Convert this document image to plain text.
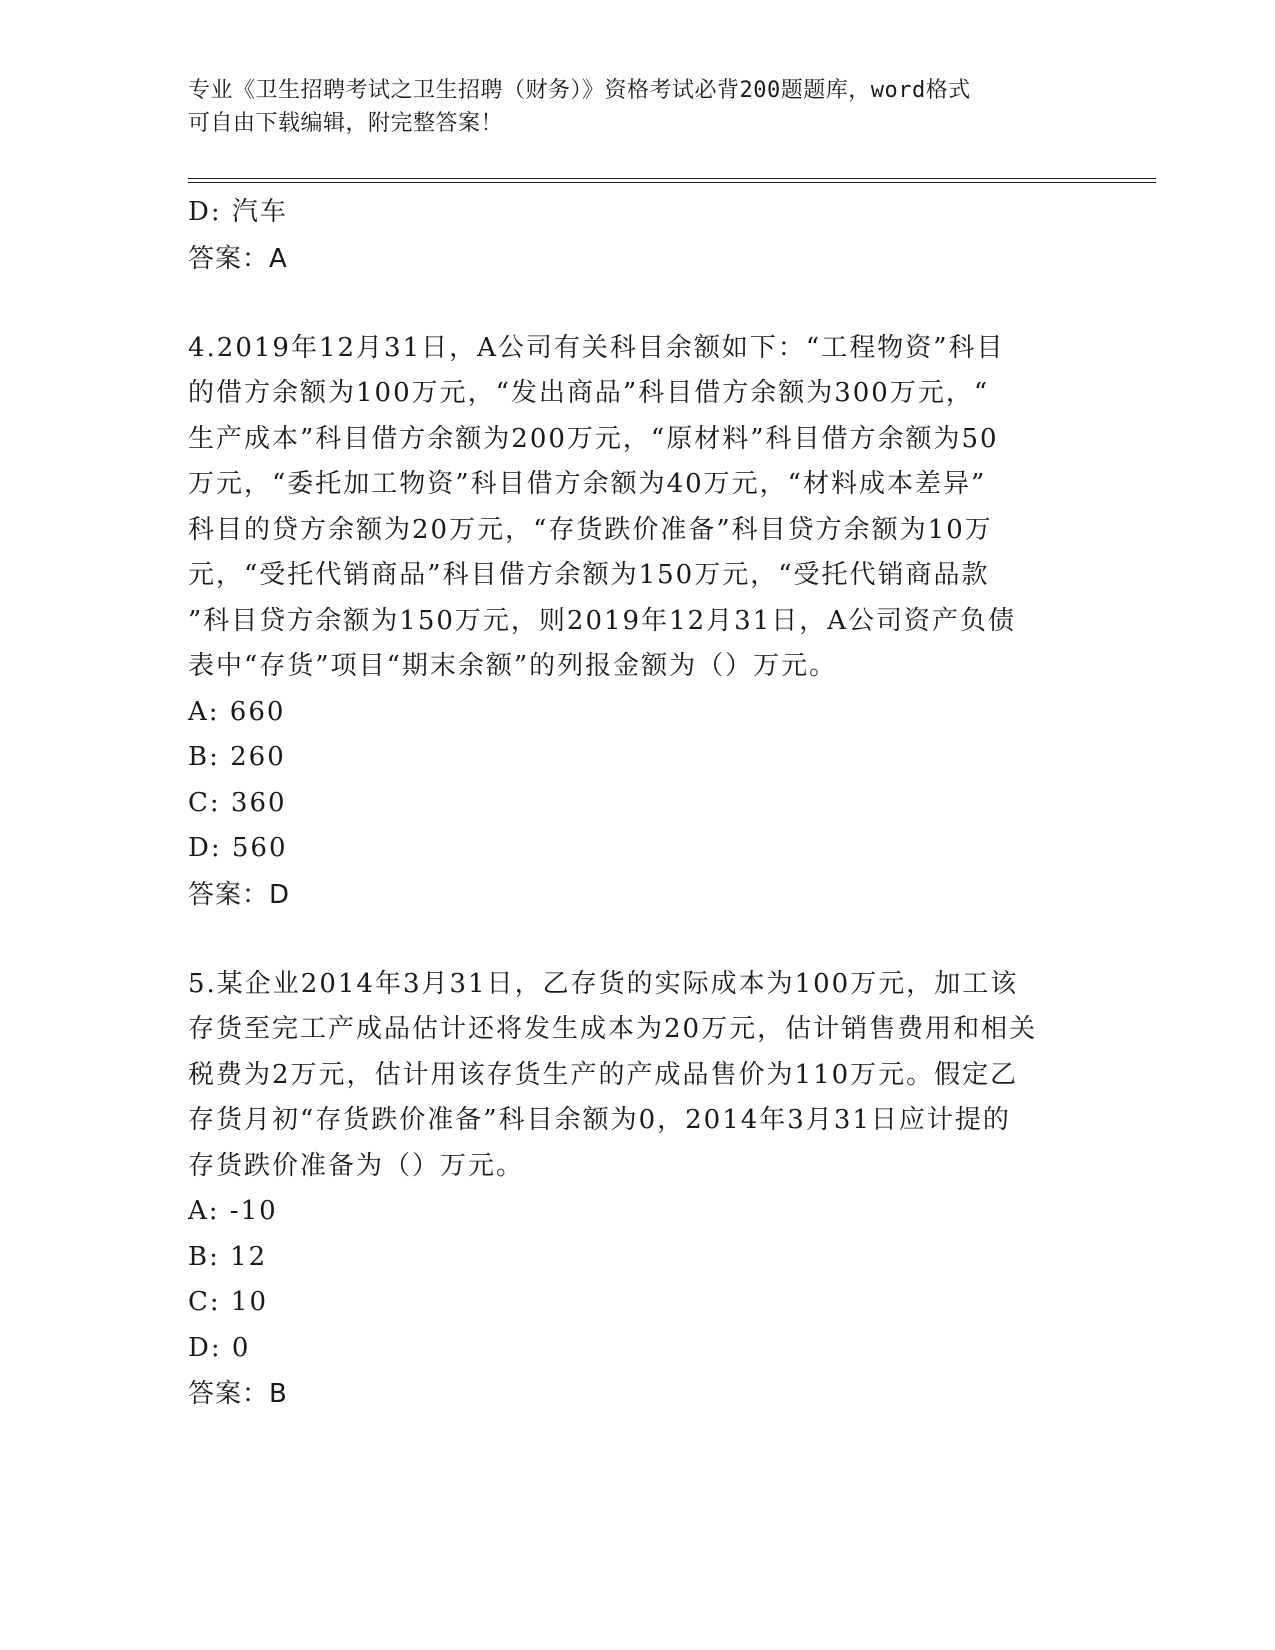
专业《卫生招聘考试之卫生招聘（财务）》资格考试必背200题题库，word格式
可自由下载编辑，附完整答案！
D: 汽车
答案：A
4.2019年12月31日，A公司有关科目余额如下：“工程物资”科目
的借方余额为100万元，“发出商品”科目借方余额为300万元，“
生产成本”科目借方余额为200万元，“原材料”科目借方余额为50
万元，“委托加工物资”科目借方余额为40万元，“材料成本差异”
科目的贷方余额为20万元，“存货跌价准备”科目贷方余额为10万
元，“受托代销商品”科目借方余额为150万元，“受托代销商品款
”科目贷方余额为150万元，则2019年12月31日，A公司资产负债
表中“存货”项目“期末余额”的列报金额为（）万元。
A: 660
B: 260
C: 360
D: 560
答案：D
5.某企业2014年3月31日，乙存货的实际成本为100万元，加工该
存货至完工产成品估计还将发生成本为20万元，估计销售费用和相关
税费为2万元，估计用该存货生产的产成品售价为110万元。假定乙
存货月初“存货跌价准备”科目余额为0，2014年3月31日应计提的
存货跌价准备为（）万元。
A: -10
B: 12
C: 10
D: 0
答案：B
